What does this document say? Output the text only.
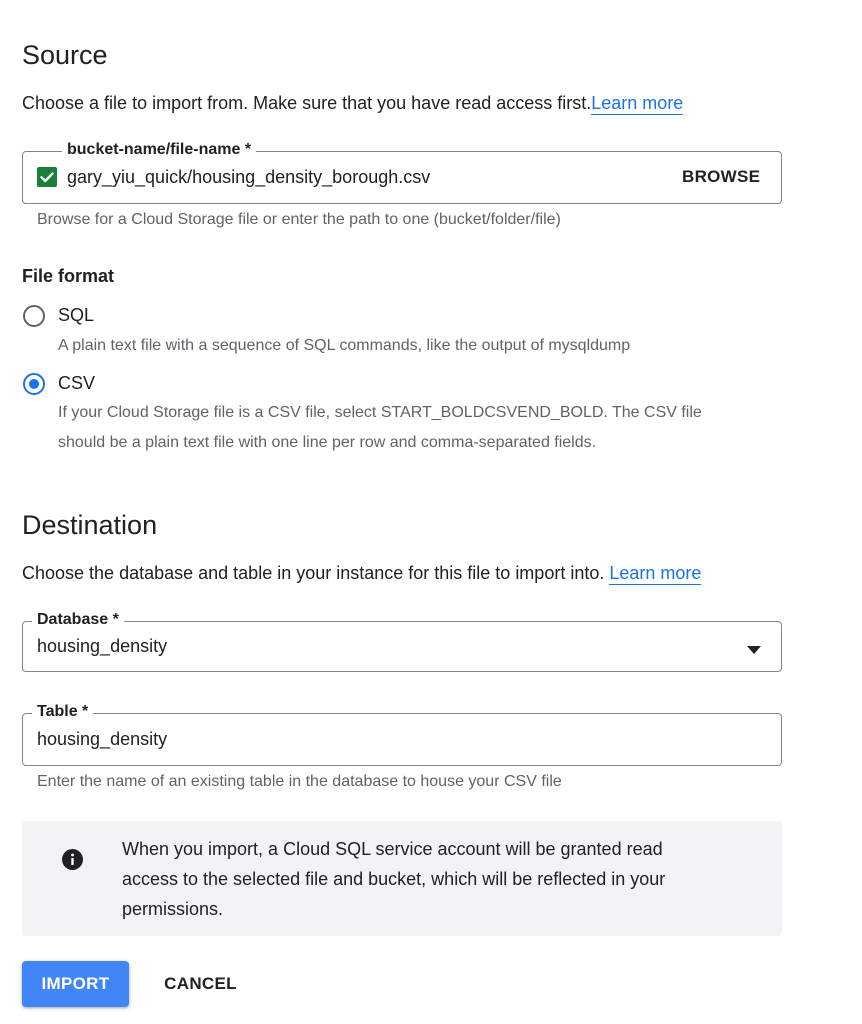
Source
Choose a file to import from. Make sure that you have read access first.Learn more
bucket-name/file-name *
gary_yiu_quick/housing_density_borough.csv	BROWSE
Browse for a Cloud Storage file or enter the path to one (bucket/folder/file)
File format
SQL
A plain text file with a sequence of SQL commands, like the output of mysqldump
CSV
If your Cloud Storage file is a CSV file, select START_BOLDCSVEND_BOLD. The CSV file
should be a plain text file with one line per row and comma-separated fields.
Destination
Choose the database and table in your instance for this file to import into. Learn more
Database *
housing_density
Table *
housing_density
Enter the name of an existing table in the database to house your CSV file
When you import, a Cloud SQL service account will be granted read
access to the selected file and bucket, which will be reflected in your
permissions.
IMPORT	CANCEL
